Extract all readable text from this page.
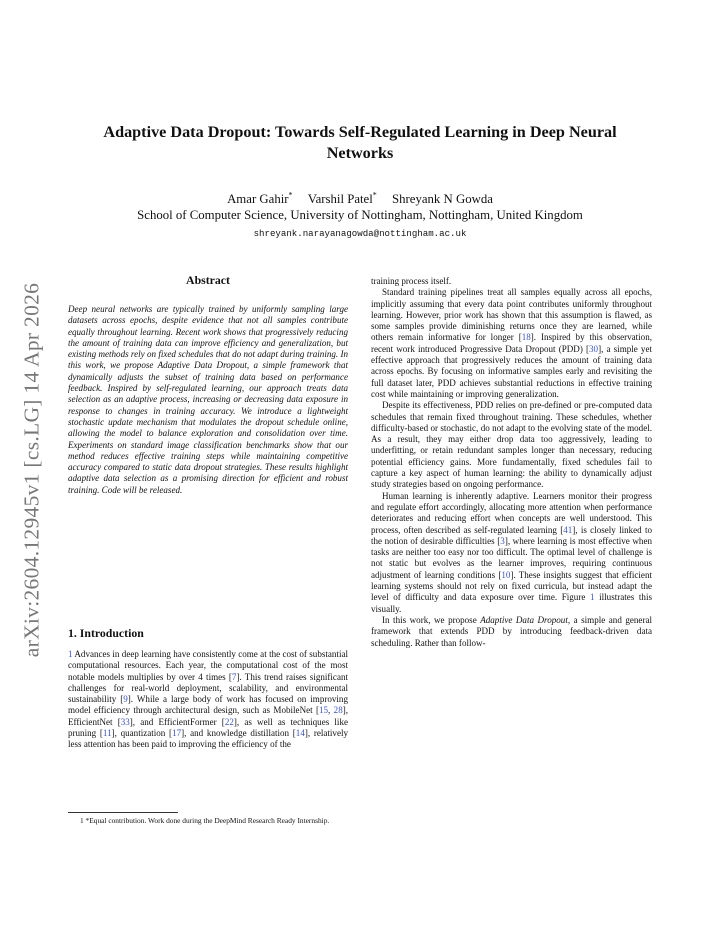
arXiv:2604.12945v1 [cs.LG] 14 Apr 2026
Adaptive Data Dropout: Towards Self-Regulated Learning in Deep Neural Networks
Amar Gahir* Varshil Patel* Shreyank N Gowda
School of Computer Science, University of Nottingham, Nottingham, United Kingdom
shreyank.narayanagowda@nottingham.ac.uk
Abstract
Deep neural networks are typically trained by uniformly sampling large datasets across epochs, despite evidence that not all samples contribute equally throughout learning. Recent work shows that progressively reducing the amount of training data can improve efficiency and generalization, but existing methods rely on fixed schedules that do not adapt during training. In this work, we propose Adaptive Data Dropout, a simple framework that dynamically adjusts the subset of training data based on performance feedback. Inspired by self-regulated learning, our approach treats data selection as an adaptive process, increasing or decreasing data exposure in response to changes in training accuracy. We introduce a lightweight stochastic update mechanism that modulates the dropout schedule online, allowing the model to balance exploration and consolidation over time. Experiments on standard image classification benchmarks show that our method reduces effective training steps while maintaining competitive accuracy compared to static data dropout strategies. These results highlight adaptive data selection as a promising direction for efficient and robust training. Code will be released.
1. Introduction

1 Advances in deep learning have consistently come at the cost of substantial computational resources. Each year, the computational cost of the most notable models multiplies by over 4 times [7]. This trend raises significant challenges for real-world deployment, scalability, and environmental sustainability [9]. While a large body of work has focused on improving model efficiency through architectural design, such as MobileNet [15, 28], EfficientNet [33], and EfficientFormer [22], as well as techniques like pruning [11], quantization [17], and knowledge distillation [14], relatively less attention has been paid to improving the efficiency of the

1 *Equal contribution. Work done during the DeepMind Research Ready Internship.

training process itself.

Standard training pipelines treat all samples equally across all epochs, implicitly assuming that every data point contributes uniformly throughout learning. However, prior work has shown that this assumption is flawed, as some samples provide diminishing returns once they are learned, while others remain informative for longer [18]. Inspired by this observation, recent work introduced Progressive Data Dropout (PDD) [30], a simple yet effective approach that progressively reduces the amount of training data across epochs. By focusing on informative samples early and revisiting the full dataset later, PDD achieves substantial reductions in effective training cost while maintaining or improving generalization.

Despite its effectiveness, PDD relies on pre-defined or pre-computed data schedules that remain fixed throughout training. These schedules, whether difficulty-based or stochastic, do not adapt to the evolving state of the model. As a result, they may either drop data too aggressively, leading to underfitting, or retain redundant samples longer than necessary, reducing potential efficiency gains. More fundamentally, fixed schedules fail to capture a key aspect of human learning: the ability to dynamically adjust study strategies based on ongoing performance.

Human learning is inherently adaptive. Learners monitor their progress and regulate effort accordingly, allocating more attention when performance deteriorates and reducing effort when concepts are well understood. This process, often described as self-regulated learning [41], is closely linked to the notion of desirable difficulties [3], where learning is most effective when tasks are neither too easy nor too difficult. The optimal level of challenge is not static but evolves as the learner improves, requiring continuous adjustment of learning conditions [10]. These insights suggest that efficient learning systems should not rely on fixed curricula, but instead adapt the level of difficulty and data exposure over time. Figure 1 illustrates this visually.

In this work, we propose Adaptive Data Dropout, a simple and general framework that extends PDD by introducing feedback-driven data scheduling. Rather than follow-
